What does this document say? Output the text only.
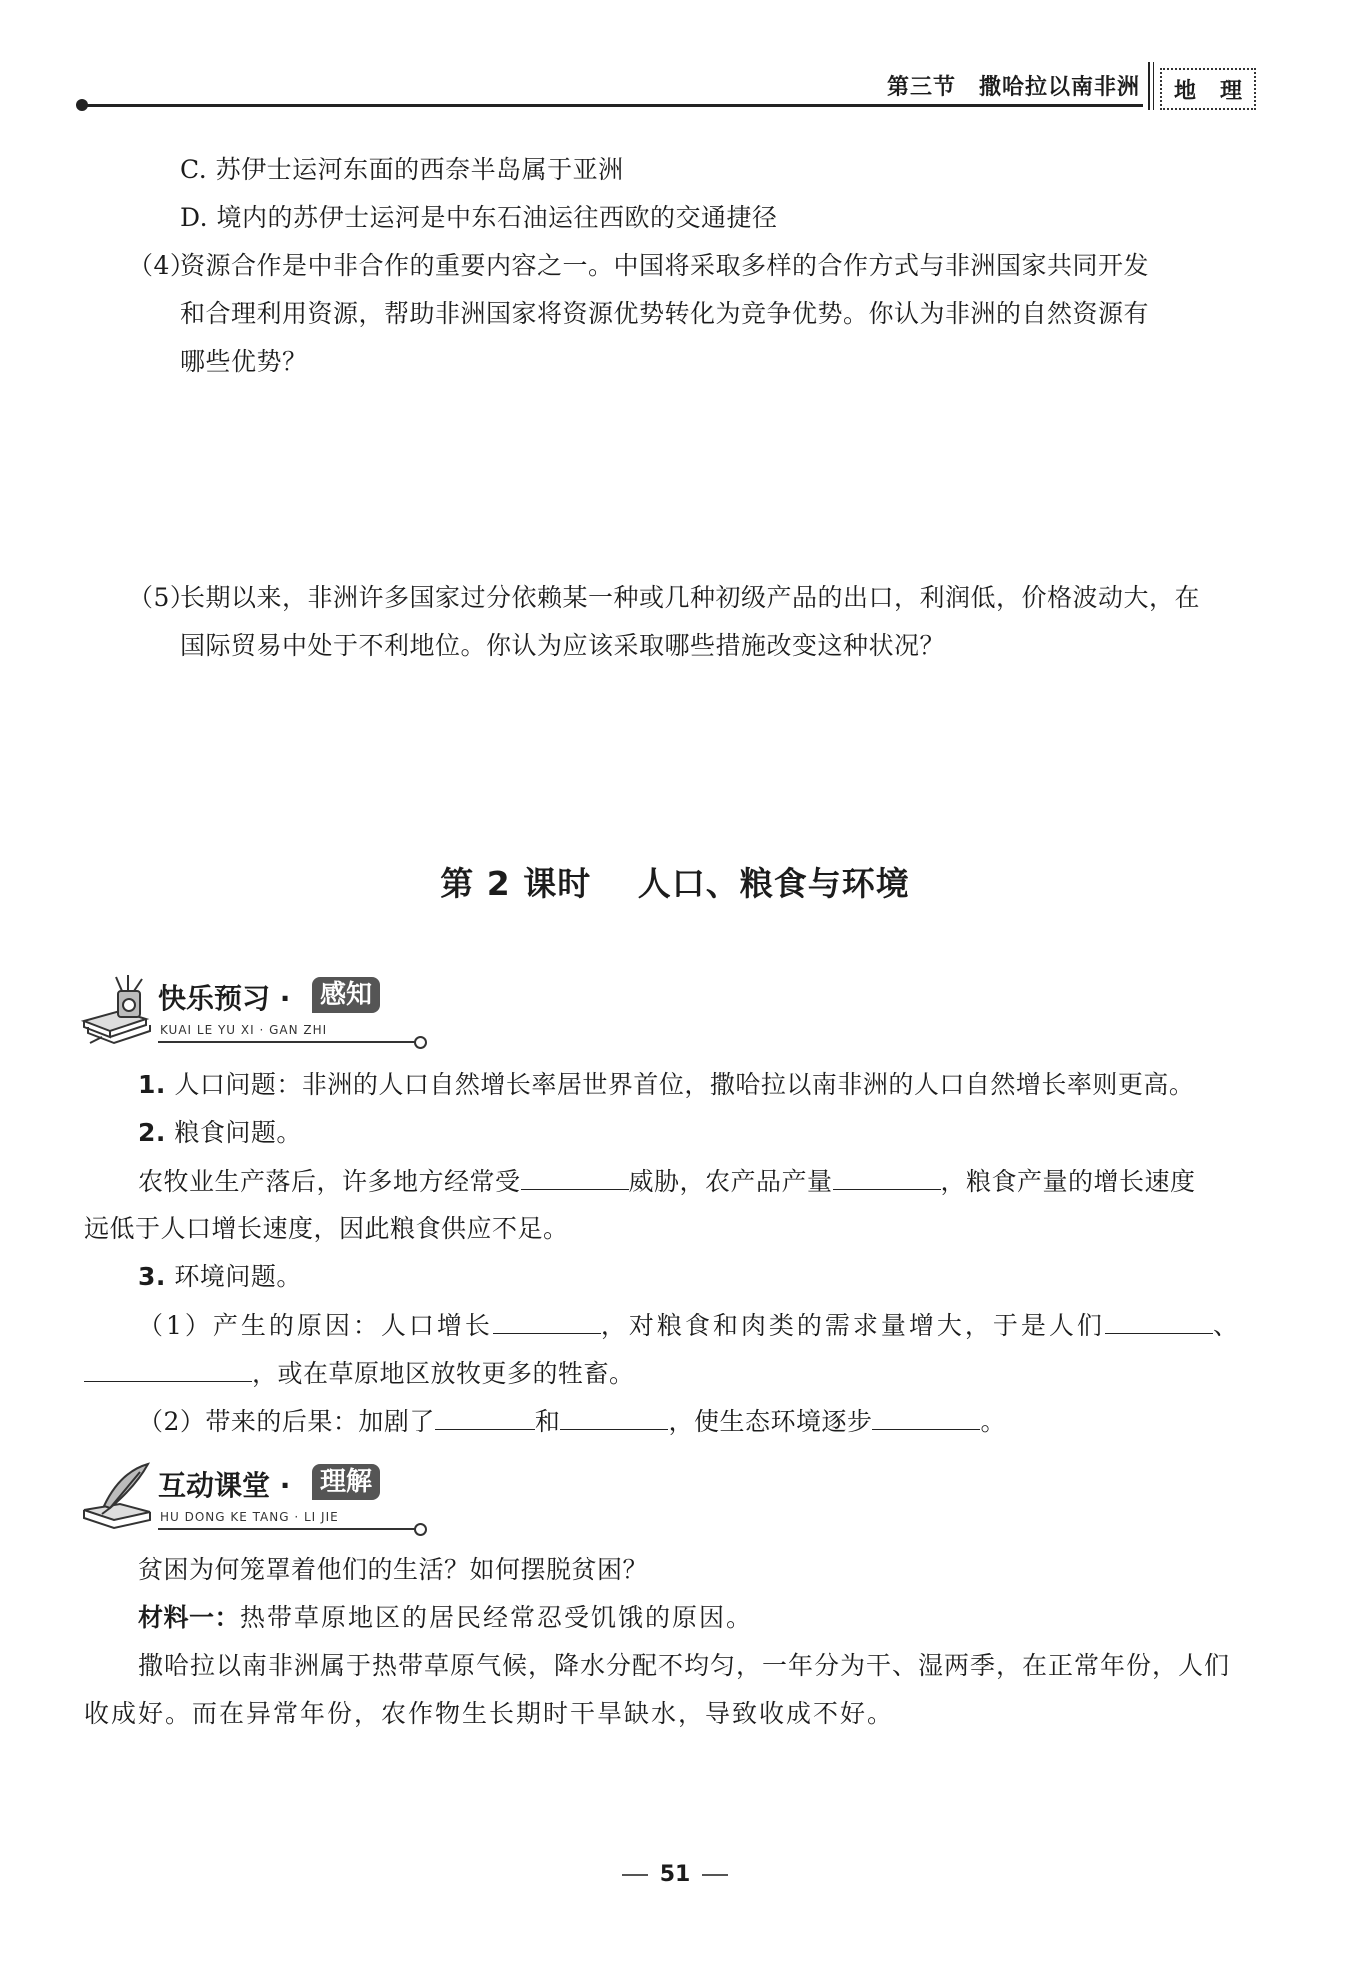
第三节　撒哈拉以南非洲 地 理
C. 苏伊士运河东面的西奈半岛属于亚洲
D. 境内的苏伊士运河是中东石油运往西欧的交通捷径
（4）
资源合作是中非合作的重要内容之一。中国将采取多样的合作方式与非洲国家共同开发
和合理利用资源，帮助非洲国家将资源优势转化为竞争优势。你认为非洲的自然资源有
哪些优势？
（5）
长期以来，非洲许多国家过分依赖某一种或几种初级产品的出口，利润低，价格波动大，在
国际贸易中处于不利地位。你认为应该采取哪些措施改变这种状况？
第 2 课时　 人口、粮食与环境
快乐预习 ·	感知
KUAI LE YU XI · GAN ZHI
1. 人口问题：非洲的人口自然增长率居世界首位，撒哈拉以南非洲的人口自然增长率则更高。
2. 粮食问题。
农牧业生产落后，许多地方经常受	威胁，农产品产量	，粮食产量的增长速度
远低于人口增长速度，因此粮食供应不足。
3. 环境问题。
（1）产生的原因：人口增长	，对粮食和肉类的需求量增大，于是人们	、
，或在草原地区放牧更多的牲畜。
（2）带来的后果：加剧了	和	，使生态环境逐步	。
互动课堂 ·	理解
HU DONG KE TANG · LI JIE
贫困为何笼罩着他们的生活？如何摆脱贫困？
材料一：热带草原地区的居民经常忍受饥饿的原因。
撒哈拉以南非洲属于热带草原气候，降水分配不均匀，一年分为干、湿两季，在正常年份，人们
收成好。而在异常年份，农作物生长期时干旱缺水，导致收成不好。
51
